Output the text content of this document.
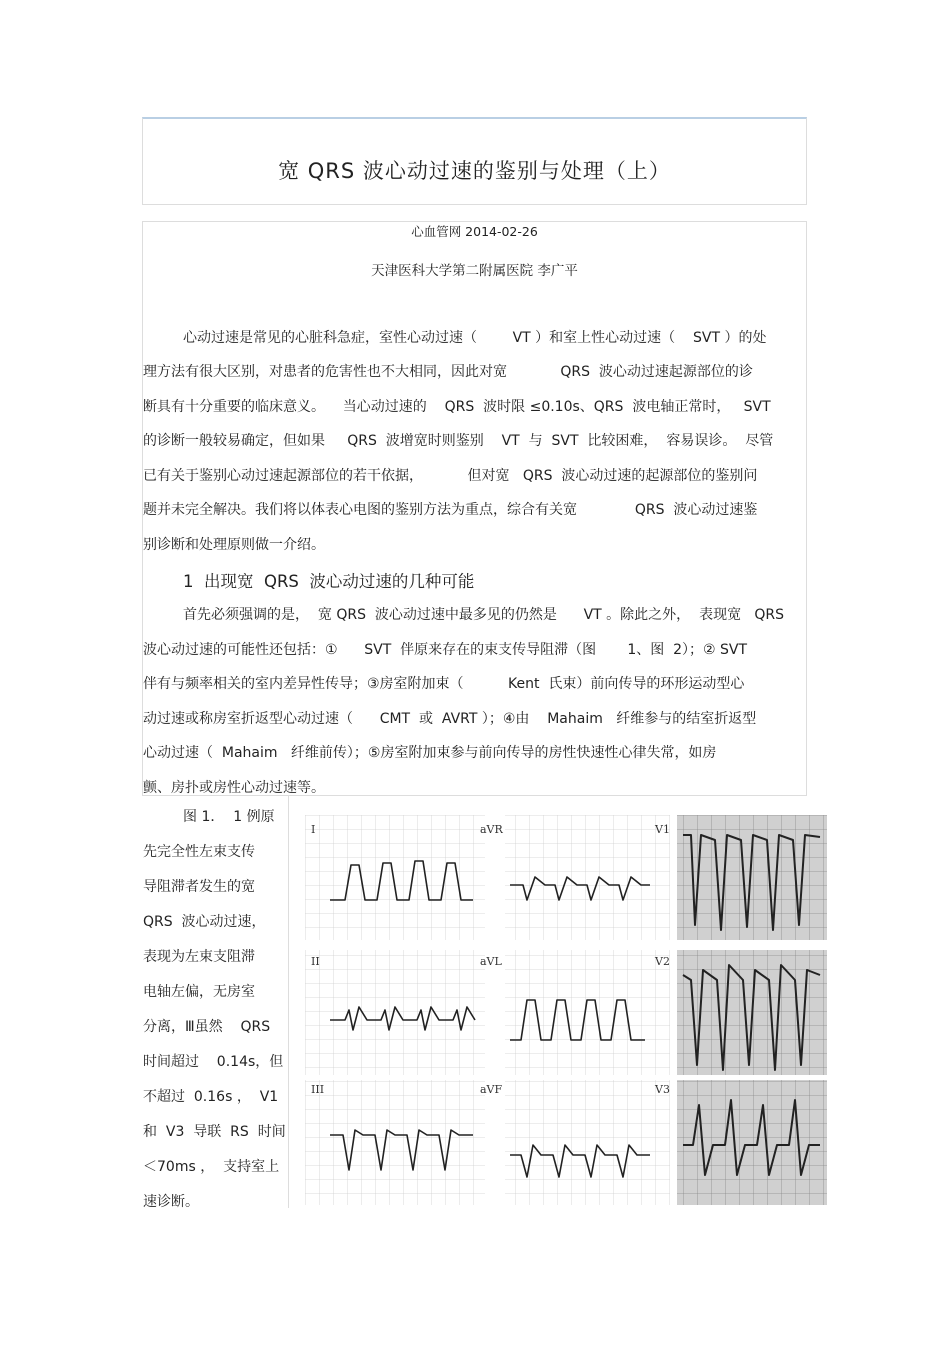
宽 QRS 波心动过速的鉴别与处理（上）
心血管网 2014-02-26
天津医科大学第二附属医院 李广平
心动过速是常见的心脏科急症，室性心动过速（        VT ）和室上性心动过速（    SVT ）的处
理方法有很大区别，对患者的危害性也不大相同，因此对宽            QRS  波心动过速起源部位的诊
断具有十分重要的临床意义。    当心动过速的    QRS  波时限 ≤0.10s、QRS  波电轴正常时，   SVT
的诊断一般较易确定，但如果     QRS  波增宽时则鉴别    VT  与  SVT  比较困难，  容易误诊。  尽管
已有关于鉴别心动过速起源部位的若干依据，          但对宽   QRS  波心动过速的起源部位的鉴别问
题并未完全解决。我们将以体表心电图的鉴别方法为重点，综合有关宽             QRS  波心动过速鉴
别诊断和处理原则做一介绍。
1  出现宽  QRS  波心动过速的几种可能
首先必须强调的是，  宽 QRS  波心动过速中最多见的仍然是      VT 。除此之外，  表现宽   QRS
波心动过速的可能性还包括：①      SVT  伴原来存在的束支传导阻滞（图       1、图  2）；② SVT
伴有与频率相关的室内差异性传导；③房室附加束（          Kent  氏束）前向传导的环形运动型心
动过速或称房室折返型心动过速（      CMT  或  AVRT ）；④由    Mahaim   纤维参与的结室折返型
心动过速（  Mahaim   纤维前传）；⑤房室附加束参与前向传导的房性快速性心律失常，如房
颤、房扑或房性心动过速等。
图 1．  1 例原
先完全性左束支传
导阻滞者发生的宽
QRS  波心动过速，
表现为左束支阻滞
电轴左偏，无房室
分离，Ⅲ虽然    QRS
时间超过    0.14s，但
不超过  0.16s ，  V1
和  V3  导联  RS  时间
＜70ms ，  支持室上
速诊断。
I	aVR	V1
II	aVL	V2
III	aVF	V3
